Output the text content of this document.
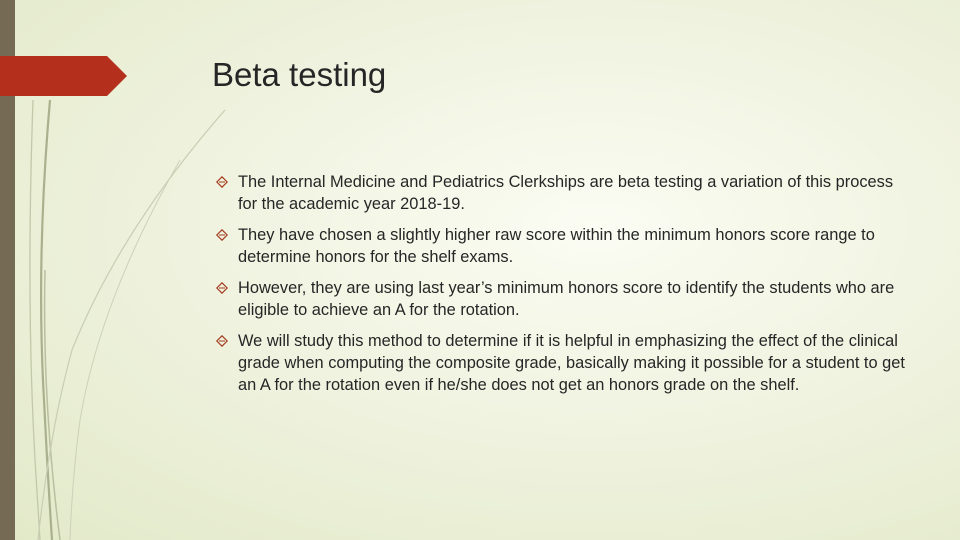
Beta testing
The Internal Medicine and Pediatrics Clerkships are beta testing a variation of this process for the academic year 2018-19.
They have chosen a slightly higher raw score within the minimum honors score range to determine honors for the shelf exams.
However, they are using last year’s minimum honors score to identify the students who are eligible to achieve an A for the rotation.
We will study this method to determine if it is helpful in emphasizing the effect of the clinical grade when computing the composite grade, basically making it possible for a student to get an A for the rotation even if he/she does not get an honors grade on the shelf.
